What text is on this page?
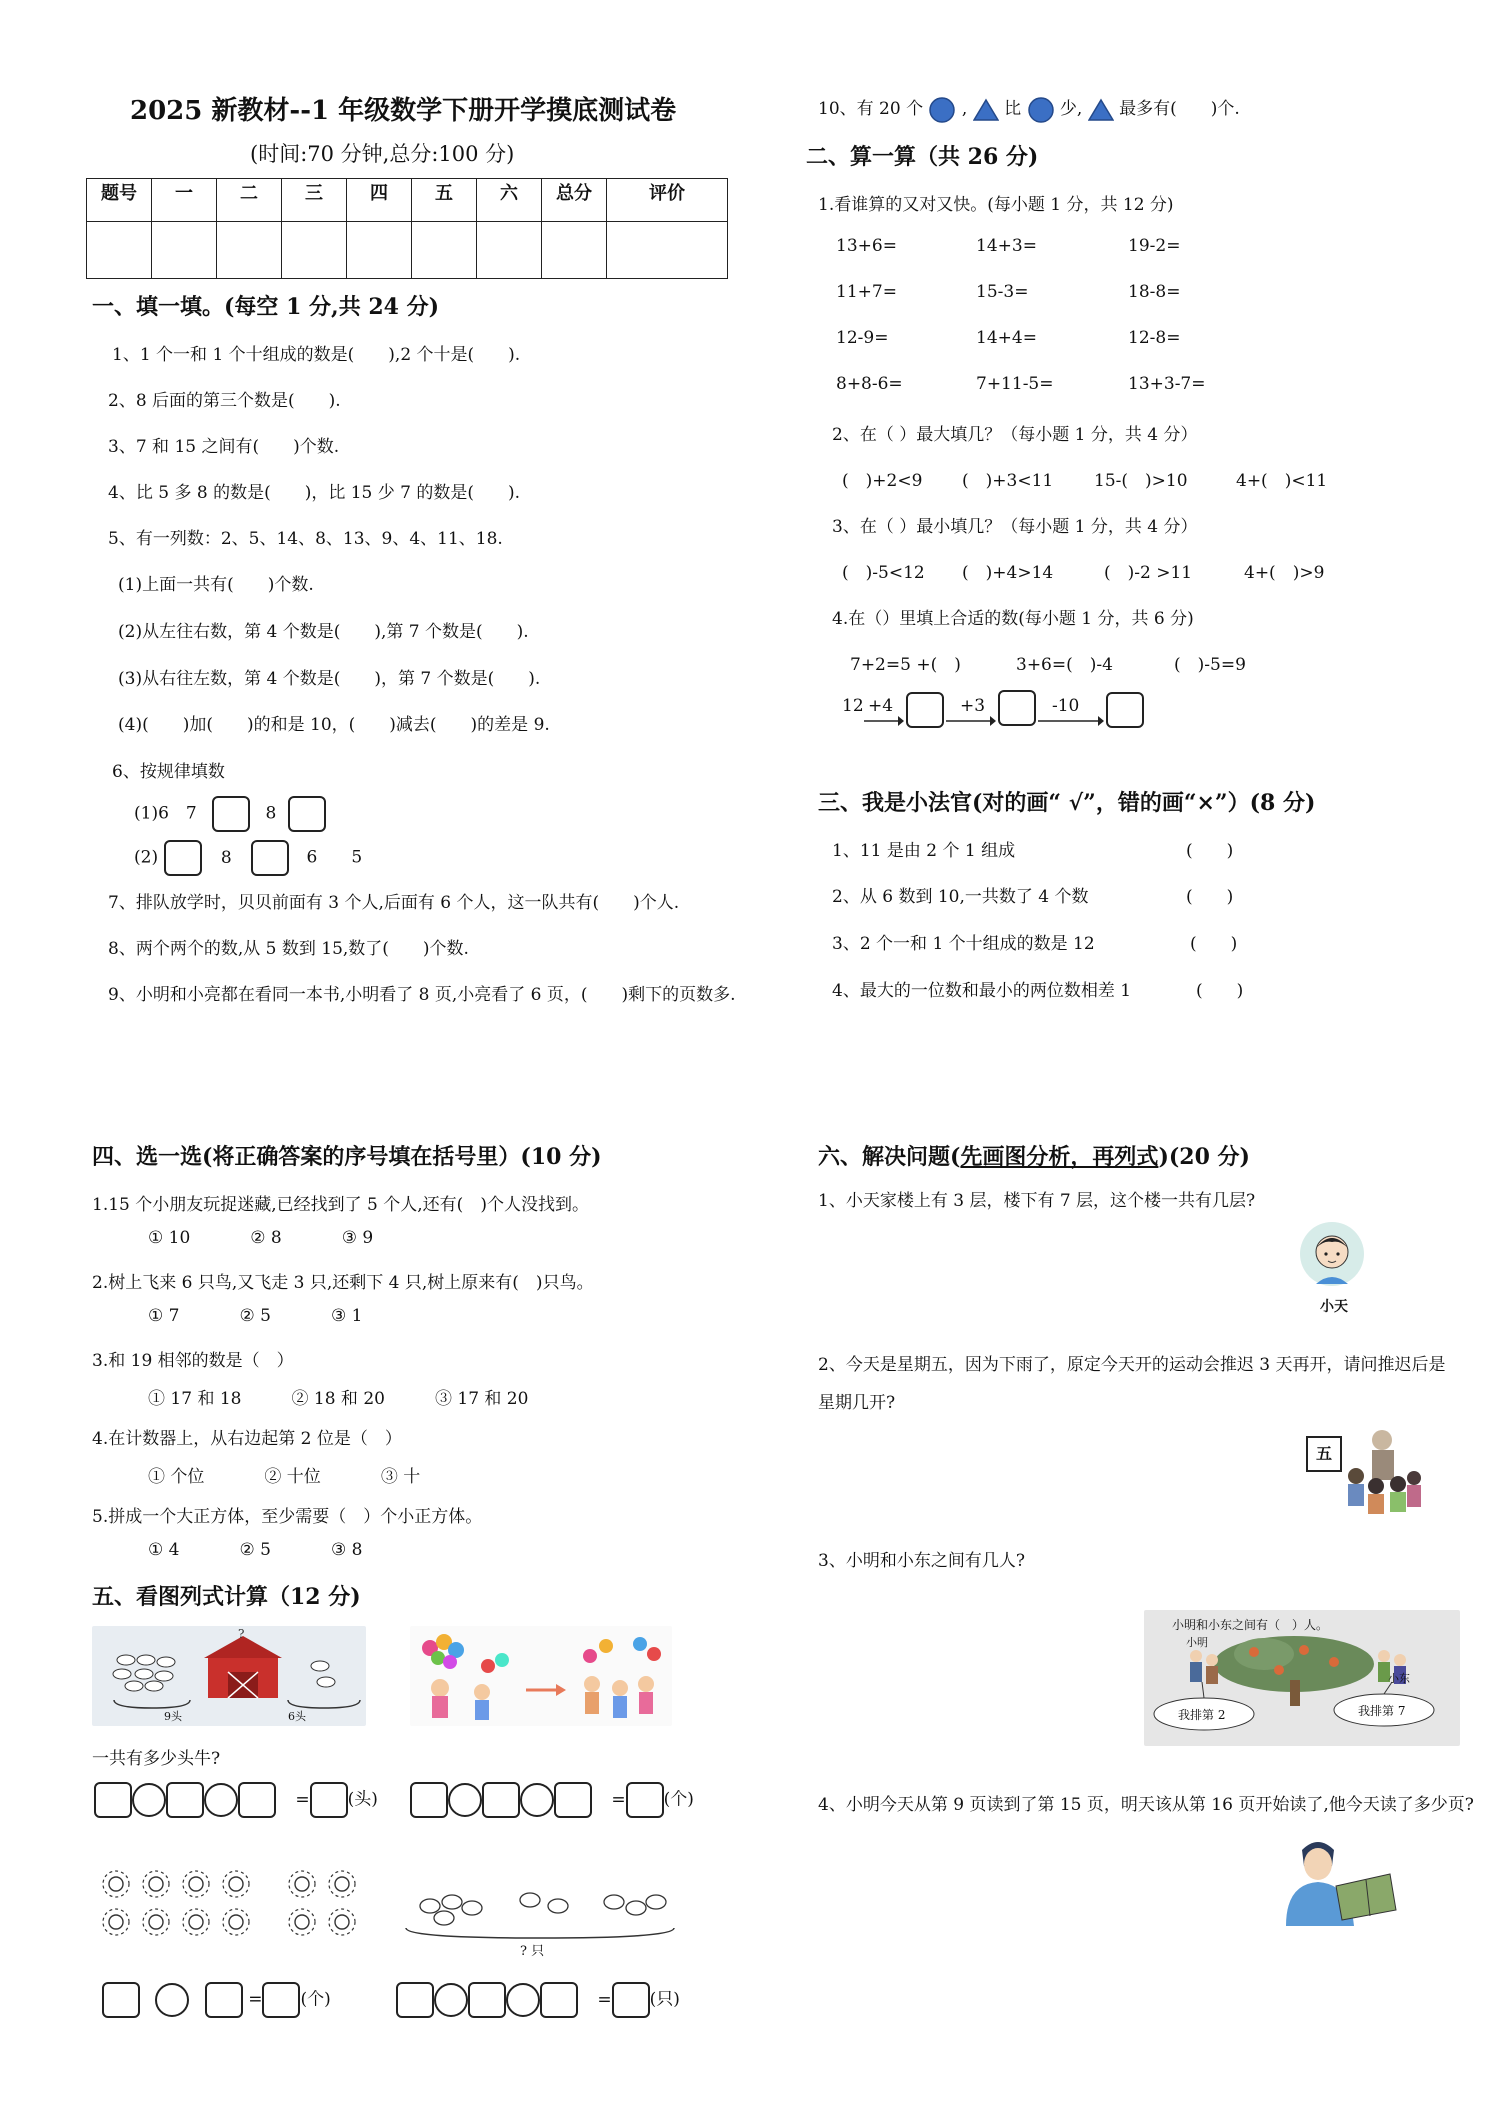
2025 新教材--1 年级数学下册开学摸底测试卷
(时间:70 分钟,总分:100 分)
题号	一	二	三	四	五	六	总分	评价

一、填一填。(每空 1 分,共 24 分)
1、1 个一和 1 个十组成的数是(　　),2 个十是(　　).
2、8 后面的第三个数是(　　).
3、7 和 15 之间有(　　)个数.
4、比 5 多 8 的数是(　　)，比 15 少 7 的数是(　　).
5、有一列数：2、5、14、8、13、9、4、11、18.
(1)上面一共有(　　)个数.
(2)从左往右数，第 4 个数是(　　),第 7 个数是(　　).
(3)从右往左数，第 4 个数是(　　)，第 7 个数是(　　).
(4)(　　)加(　　)的和是 10，(　　)减去(　　)的差是 9.
6、按规律填数
(1)6　7	8
(2)	8	6　　5
7、排队放学时，贝贝前面有 3 个人,后面有 6 个人，这一队共有(　　)个人.
8、两个两个的数,从 5 数到 15,数了(　　)个数.
9、小明和小亮都在看同一本书,小明看了 8 页,小亮看了 6 页，(　　)剩下的页数多.
10、有 20 个 , 比 少, 最多有(　　)个.
二、算一算（共 26 分)
1.看谁算的又对又快。(每小题 1 分，共 12 分)
13+6=	14+3=	19-2=
11+7=	15-3=	18-8=
12-9=	14+4=	12-8=
8+8-6=	7+11-5=	13+3-7=
2、在（ ）最大填几？（每小题 1 分，共 4 分）
(　)+2<9 (　)+3<11 15-(　)>10	4+(　)<11
3、在（ ）最小填几？（每小题 1 分，共 4 分）
(　)-5<12 (　)+4>14	(　)-2 >11	4+(　)>9
4.在（）里填上合适的数(每小题 1 分，共 6 分)
7+2=5 +(　)	3+6=(　)-4	(　)-5=9
12 +4	+3	-10
三、我是小法官(对的画“ √”，错的画“×”）(8 分)
1、11 是由 2 个 1 组成	(　　)
2、从 6 数到 10,一共数了 4 个数	(　　)
3、2 个一和 1 个十组成的数是 12	(　　)
4、最大的一位数和最小的两位数相差 1	(　　)
四、选一选(将正确答案的序号填在括号里）(10 分)
1.15 个小朋友玩捉迷藏,已经找到了 5 个人,还有(　)个人没找到。
① 10	② 8	③ 9
2.树上飞来 6 只鸟,又飞走 3 只,还剩下 4 只,树上原来有(　)只鸟。
① 7	② 5	③ 1
3.和 19 相邻的数是（　）
① 17 和 18	② 18 和 20	③ 17 和 20
4.在计数器上，从右边起第 2 位是（　）
① 个位	② 十位	③ 十
5.拼成一个大正方体，至少需要（　）个小正方体。
① 4	② 5	③ 8
五、看图列式计算（12 分)
?
9头	6头
一共有多少头牛?
= (头)	= (个)
? 只
= (个)	= (只)
六、解决问题(先画图分析，再列式)(20 分)
1、小天家楼上有 3 层，楼下有 7 层，这个楼一共有几层?
小天
2、今天是星期五，因为下雨了，原定今天开的运动会推迟 3 天再开，请问推迟后是
星期几开?
五
3、小明和小东之间有几人?
小明和小东之间有（　）人。
小明
小东
我排第 2	我排第 7
4、小明今天从第 9 页读到了第 15 页，明天该从第 16 页开始读了,他今天读了多少页?
